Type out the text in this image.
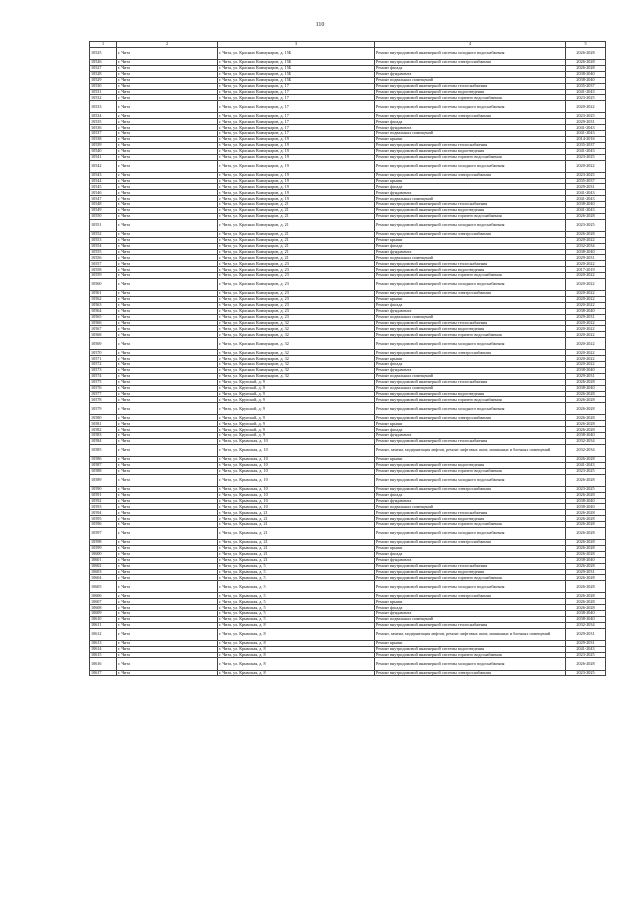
110
1	2	3	4	5
10525	г. Чита	г. Чита, ул. Красных Коммунаров, д. 15Б	Ремонт внутридомовой инженерной системы холодного водоснабжения	2026-2028
10526	г. Чита	г. Чита, ул. Красных Коммунаров, д. 15Б	Ремонт внутридомовой инженерной системы электроснабжения	2026-2028
10527	г. Чита	г. Чита, ул. Красных Коммунаров, д. 15Б	Ремонт фасада	2026-2028
10528	г. Чита	г. Чита, ул. Красных Коммунаров, д. 15Б	Ремонт фундамента	2038-2040
10529	г. Чита	г. Чита, ул. Красных Коммунаров, д. 15Б	Ремонт подвальных помещений	2038-2040
10530	г. Чита	г. Чита, ул. Красных Коммунаров, д. 17	Ремонт внутридомовой инженерной системы теплоснабжения	2035-2037
10531	г. Чита	г. Чита, ул. Красных Коммунаров, д. 17	Ремонт внутридомовой инженерной системы водоотведения	2041-2043
10532	г. Чита	г. Чита, ул. Красных Коммунаров, д. 17	Ремонт внутридомовой инженерной системы горячего водоснабжения	2023-2025
10533	г. Чита	г. Чита, ул. Красных Коммунаров, д. 17	Ремонт внутридомовой инженерной системы холодного водоснабжения	2020-2022
10534	г. Чита	г. Чита, ул. Красных Коммунаров, д. 17	Ремонт внутридомовой инженерной системы электроснабжения	2023-2025
10535	г. Чита	г. Чита, ул. Красных Коммунаров, д. 17	Ремонт фасада	2029-2031
10536	г. Чита	г. Чита, ул. Красных Коммунаров, д. 17	Ремонт фундамента	2041-2043
10537	г. Чита	г. Чита, ул. Красных Коммунаров, д. 17	Ремонт подвальных помещений	2041-2043
10538	г. Чита	г. Чита, ул. Красных Коммунаров, д. 19	Ремонт крыши	2014-2016
10539	г. Чита	г. Чита, ул. Красных Коммунаров, д. 19	Ремонт внутридомовой инженерной системы теплоснабжения	2035-2037
10540	г. Чита	г. Чита, ул. Красных Коммунаров, д. 19	Ремонт внутридомовой инженерной системы водоотведения	2041-2043
10541	г. Чита	г. Чита, ул. Красных Коммунаров, д. 19	Ремонт внутридомовой инженерной системы горячего водоснабжения	2023-2025
10542	г. Чита	г. Чита, ул. Красных Коммунаров, д. 19	Ремонт внутридомовой инженерной системы холодного водоснабжения	2020-2022
10543	г. Чита	г. Чита, ул. Красных Коммунаров, д. 19	Ремонт внутридомовой инженерной системы электроснабжения	2023-2025
10544	г. Чита	г. Чита, ул. Красных Коммунаров, д. 19	Ремонт крыши	2035-2037
10545	г. Чита	г. Чита, ул. Красных Коммунаров, д. 19	Ремонт фасада	2029-2031
10546	г. Чита	г. Чита, ул. Красных Коммунаров, д. 19	Ремонт фундамента	2041-2043
10547	г. Чита	г. Чита, ул. Красных Коммунаров, д. 19	Ремонт подвальных помещений	2041-2043
10548	г. Чита	г. Чита, ул. Красных Коммунаров, д. 21	Ремонт внутридомовой инженерной системы теплоснабжения	2038-2040
10549	г. Чита	г. Чита, ул. Красных Коммунаров, д. 21	Ремонт внутридомовой инженерной системы водоотведения	2041-2043
10550	г. Чита	г. Чита, ул. Красных Коммунаров, д. 21	Ремонт внутридомовой инженерной системы горячего водоснабжения	2026-2028
10551	г. Чита	г. Чита, ул. Красных Коммунаров, д. 21	Ремонт внутридомовой инженерной системы холодного водоснабжения	2023-2025
10552	г. Чита	г. Чита, ул. Красных Коммунаров, д. 21	Ремонт внутридомовой инженерной системы электроснабжения	2026-2028
10553	г. Чита	г. Чита, ул. Красных Коммунаров, д. 21	Ремонт крыши	2020-2022
10554	г. Чита	г. Чита, ул. Красных Коммунаров, д. 21	Ремонт фасада	2032-2034
10555	г. Чита	г. Чита, ул. Красных Коммунаров, д. 21	Ремонт фундамента	2038-2040
10556	г. Чита	г. Чита, ул. Красных Коммунаров, д. 21	Ремонт подвальных помещений	2029-2031
10557	г. Чита	г. Чита, ул. Красных Коммунаров, д. 23	Ремонт внутридомовой инженерной системы теплоснабжения	2020-2022
10558	г. Чита	г. Чита, ул. Красных Коммунаров, д. 23	Ремонт внутридомовой инженерной системы водоотведения	2017-2019
10559	г. Чита	г. Чита, ул. Красных Коммунаров, д. 23	Ремонт внутридомовой инженерной системы горячего водоснабжения	2020-2022
10560	г. Чита	г. Чита, ул. Красных Коммунаров, д. 23	Ремонт внутридомовой инженерной системы холодного водоснабжения	2020-2022
10561	г. Чита	г. Чита, ул. Красных Коммунаров, д. 23	Ремонт внутридомовой инженерной системы электроснабжения	2020-2022
10562	г. Чита	г. Чита, ул. Красных Коммунаров, д. 23	Ремонт крыши	2020-2022
10563	г. Чита	г. Чита, ул. Красных Коммунаров, д. 23	Ремонт фасада	2020-2022
10564	г. Чита	г. Чита, ул. Красных Коммунаров, д. 23	Ремонт фундамента	2038-2040
10565	г. Чита	г. Чита, ул. Красных Коммунаров, д. 23	Ремонт подвальных помещений	2029-2031
10566	г. Чита	г. Чита, ул. Красных Коммунаров, д. 32	Ремонт внутридомовой инженерной системы теплоснабжения	2020-2022
10567	г. Чита	г. Чита, ул. Красных Коммунаров, д. 32	Ремонт внутридомовой инженерной системы водоотведения	2020-2022
10568	г. Чита	г. Чита, ул. Красных Коммунаров, д. 32	Ремонт внутридомовой инженерной системы горячего водоснабжения	2020-2022
10569	г. Чита	г. Чита, ул. Красных Коммунаров, д. 32	Ремонт внутридомовой инженерной системы холодного водоснабжения	2020-2022
10570	г. Чита	г. Чита, ул. Красных Коммунаров, д. 32	Ремонт внутридомовой инженерной системы электроснабжения	2020-2022
10571	г. Чита	г. Чита, ул. Красных Коммунаров, д. 32	Ремонт крыши	2020-2022
10572	г. Чита	г. Чита, ул. Красных Коммунаров, д. 32	Ремонт фасада	2020-2022
10573	г. Чита	г. Чита, ул. Красных Коммунаров, д. 32	Ремонт фундамента	2038-2040
10574	г. Чита	г. Чита, ул. Красных Коммунаров, д. 32	Ремонт подвальных помещений	2029-2031
10575	г. Чита	г. Чита, ул. Крупской, д. 9	Ремонт внутридомовой инженерной системы теплоснабжения	2026-2028
10576	г. Чита	г. Чита, ул. Крупской, д. 9	Ремонт подвальных помещений	2038-2040
10577	г. Чита	г. Чита, ул. Крупской, д. 9	Ремонт внутридомовой инженерной системы водоотведения	2026-2028
10578	г. Чита	г. Чита, ул. Крупской, д. 9	Ремонт внутридомовой инженерной системы горячего водоснабжения	2026-2028
10579	г. Чита	г. Чита, ул. Крупской, д. 9	Ремонт внутридомовой инженерной системы холодного водоснабжения	2026-2028
10580	г. Чита	г. Чита, ул. Крупской, д. 9	Ремонт внутридомовой инженерной системы электроснабжения	2026-2028
10581	г. Чита	г. Чита, ул. Крупской, д. 9	Ремонт крыши	2026-2028
10582	г. Чита	г. Чита, ул. Крупской, д. 9	Ремонт фасада	2026-2028
10583	г. Чита	г. Чита, ул. Крупской, д. 9	Ремонт фундамента	2038-2040
10584	г. Чита	г. Чита, ул. Крымская, д. 10	Ремонт внутридомовой инженерной системы теплоснабжения	2032-2034
10585	г. Чита	г. Чита, ул. Крымская, д. 10	Ремонт, замена, модернизация лифтов, ремонт лифтовых шахт, машинных и блочных помещений	2032-2034
10586	г. Чита	г. Чита, ул. Крымская, д. 10	Ремонт крыши	2026-2028
10587	г. Чита	г. Чита, ул. Крымская, д. 10	Ремонт внутридомовой инженерной системы водоотведения	2041-2043
10588	г. Чита	г. Чита, ул. Крымская, д. 10	Ремонт внутридомовой инженерной системы горячего водоснабжения	2023-2025
10589	г. Чита	г. Чита, ул. Крымская, д. 10	Ремонт внутридомовой инженерной системы холодного водоснабжения	2026-2028
10590	г. Чита	г. Чита, ул. Крымская, д. 10	Ремонт внутридомовой инженерной системы электроснабжения	2023-2025
10591	г. Чита	г. Чита, ул. Крымская, д. 10	Ремонт фасада	2026-2028
10592	г. Чита	г. Чита, ул. Крымская, д. 10	Ремонт фундамента	2038-2040
10593	г. Чита	г. Чита, ул. Крымская, д. 10	Ремонт подвальных помещений	2038-2040
10594	г. Чита	г. Чита, ул. Крымская, д. 21	Ремонт внутридомовой инженерной системы теплоснабжения	2026-2028
10595	г. Чита	г. Чита, ул. Крымская, д. 21	Ремонт внутридомовой инженерной системы водоотведения	2026-2028
10596	г. Чита	г. Чита, ул. Крымская, д. 21	Ремонт внутридомовой инженерной системы горячего водоснабжения	2026-2028
10597	г. Чита	г. Чита, ул. Крымская, д. 21	Ремонт внутридомовой инженерной системы холодного водоснабжения	2026-2028
10598	г. Чита	г. Чита, ул. Крымская, д. 21	Ремонт внутридомовой инженерной системы электроснабжения	2026-2028
10599	г. Чита	г. Чита, ул. Крымская, д. 21	Ремонт крыши	2026-2028
10600	г. Чита	г. Чита, ул. Крымская, д. 21	Ремонт фасада	2026-2028
10601	г. Чита	г. Чита, ул. Крымская, д. 21	Ремонт фундамента	2038-2040
10602	г. Чита	г. Чита, ул. Крымская, д. 5	Ремонт внутридомовой инженерной системы теплоснабжения	2026-2028
10603	г. Чита	г. Чита, ул. Крымская, д. 5	Ремонт внутридомовой инженерной системы водоотведения	2029-2031
10604	г. Чита	г. Чита, ул. Крымская, д. 5	Ремонт внутридомовой инженерной системы горячего водоснабжения	2026-2028
10605	г. Чита	г. Чита, ул. Крымская, д. 5	Ремонт внутридомовой инженерной системы холодного водоснабжения	2026-2028
10606	г. Чита	г. Чита, ул. Крымская, д. 5	Ремонт внутридомовой инженерной системы электроснабжения	2026-2028
10607	г. Чита	г. Чита, ул. Крымская, д. 5	Ремонт крыши	2026-2028
10608	г. Чита	г. Чита, ул. Крымская, д. 5	Ремонт фасада	2026-2028
10609	г. Чита	г. Чита, ул. Крымская, д. 5	Ремонт фундамента	2038-2040
10610	г. Чита	г. Чита, ул. Крымская, д. 5	Ремонт подвальных помещений	2038-2040
10611	г. Чита	г. Чита, ул. Крымская, д. 8	Ремонт внутридомовой инженерной системы теплоснабжения	2032-2034
10612	г. Чита	г. Чита, ул. Крымская, д. 8	Ремонт, замена, модернизация лифтов, ремонт лифтовых шахт, машинных и блочных помещений	2029-2031
10613	г. Чита	г. Чита, ул. Крымская, д. 8	Ремонт крыши	2029-2031
10614	г. Чита	г. Чита, ул. Крымская, д. 8	Ремонт внутридомовой инженерной системы водоотведения	2041-2043
10615	г. Чита	г. Чита, ул. Крымская, д. 8	Ремонт внутридомовой инженерной системы горячего водоснабжения	2023-2025
10616	г. Чита	г. Чита, ул. Крымская, д. 8	Ремонт внутридомовой инженерной системы холодного водоснабжения	2026-2028
10617	г. Чита	г. Чита, ул. Крымская, д. 8	Ремонт внутридомовой инженерной системы электроснабжения	2023-2025
